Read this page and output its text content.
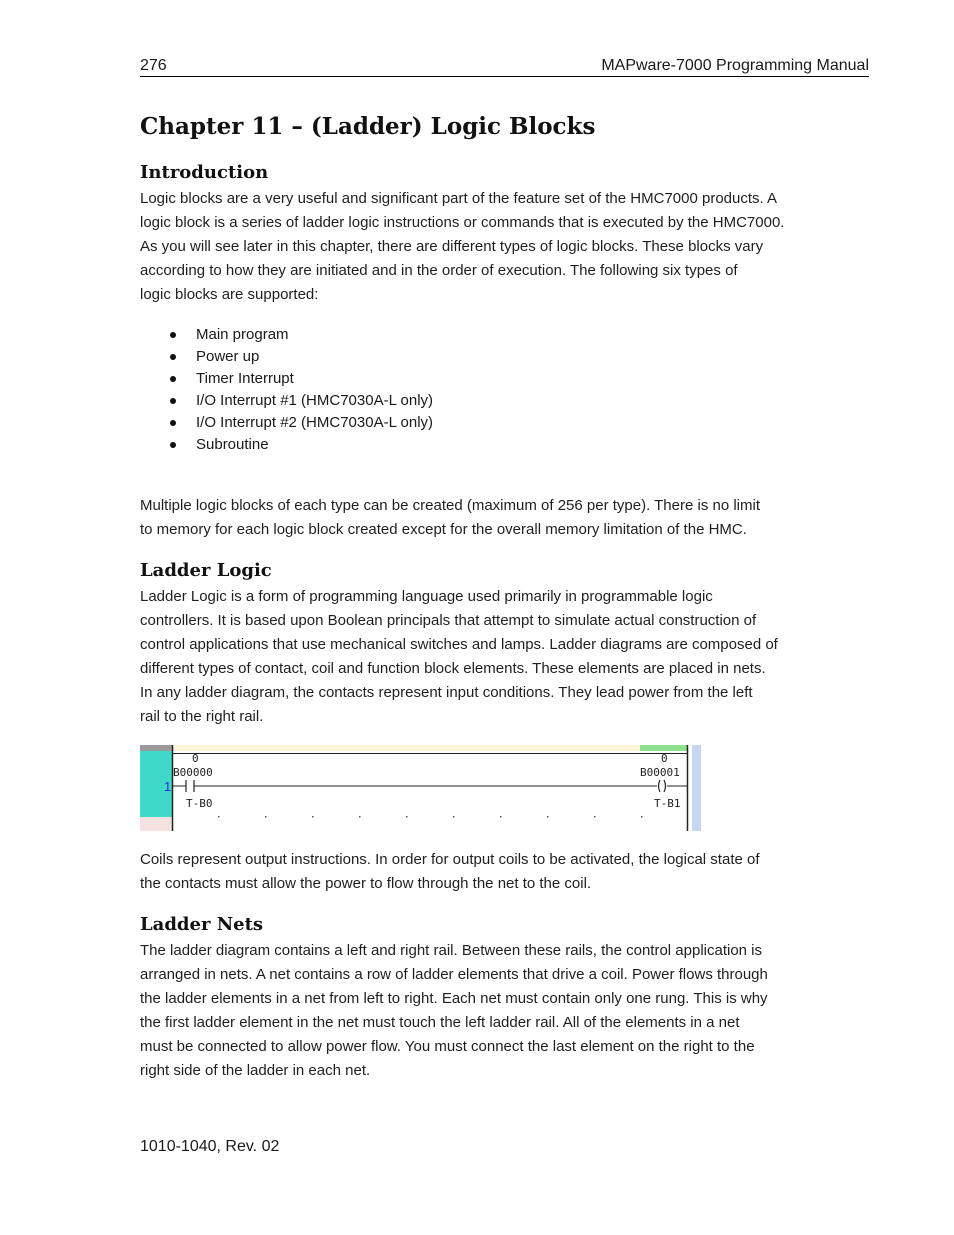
276	MAPware-7000 Programming Manual
Chapter 11 – (Ladder) Logic Blocks
Introduction
Logic blocks are a very useful and significant part of the feature set of the HMC7000 products. A
logic block is a series of ladder logic instructions or commands that is executed by the HMC7000.
As you will see later in this chapter, there are different types of logic blocks. These blocks vary
according to how they are initiated and in the order of execution. The following six types of
logic blocks are supported:
Main program
Power up
Timer Interrupt
I/O Interrupt #1 (HMC7030A-L only)
I/O Interrupt #2 (HMC7030A-L only)
Subroutine
Multiple logic blocks of each type can be created (maximum of 256 per type). There is no limit
to memory for each logic block created except for the overall memory limitation of the HMC.
Ladder Logic
Ladder Logic is a form of programming language used primarily in programmable logic
controllers. It is based upon Boolean principals that attempt to simulate actual construction of
control applications that use mechanical switches and lamps. Ladder diagrams are composed of
different types of contact, coil and function block elements. These elements are placed in nets.
In any ladder diagram, the contacts represent input conditions. They lead power from the left
rail to the right rail.
1
0
B00000
T-B0
0
B00001
T-B1
Coils represent output instructions. In order for output coils to be activated, the logical state of
the contacts must allow the power to flow through the net to the coil.
Ladder Nets
The ladder diagram contains a left and right rail. Between these rails, the control application is
arranged in nets. A net contains a row of ladder elements that drive a coil. Power flows through
the ladder elements in a net from left to right. Each net must contain only one rung. This is why
the first ladder element in the net must touch the left ladder rail. All of the elements in a net
must be connected to allow power flow. You must connect the last element on the right to the
right side of the ladder in each net.
1010-1040, Rev. 02
